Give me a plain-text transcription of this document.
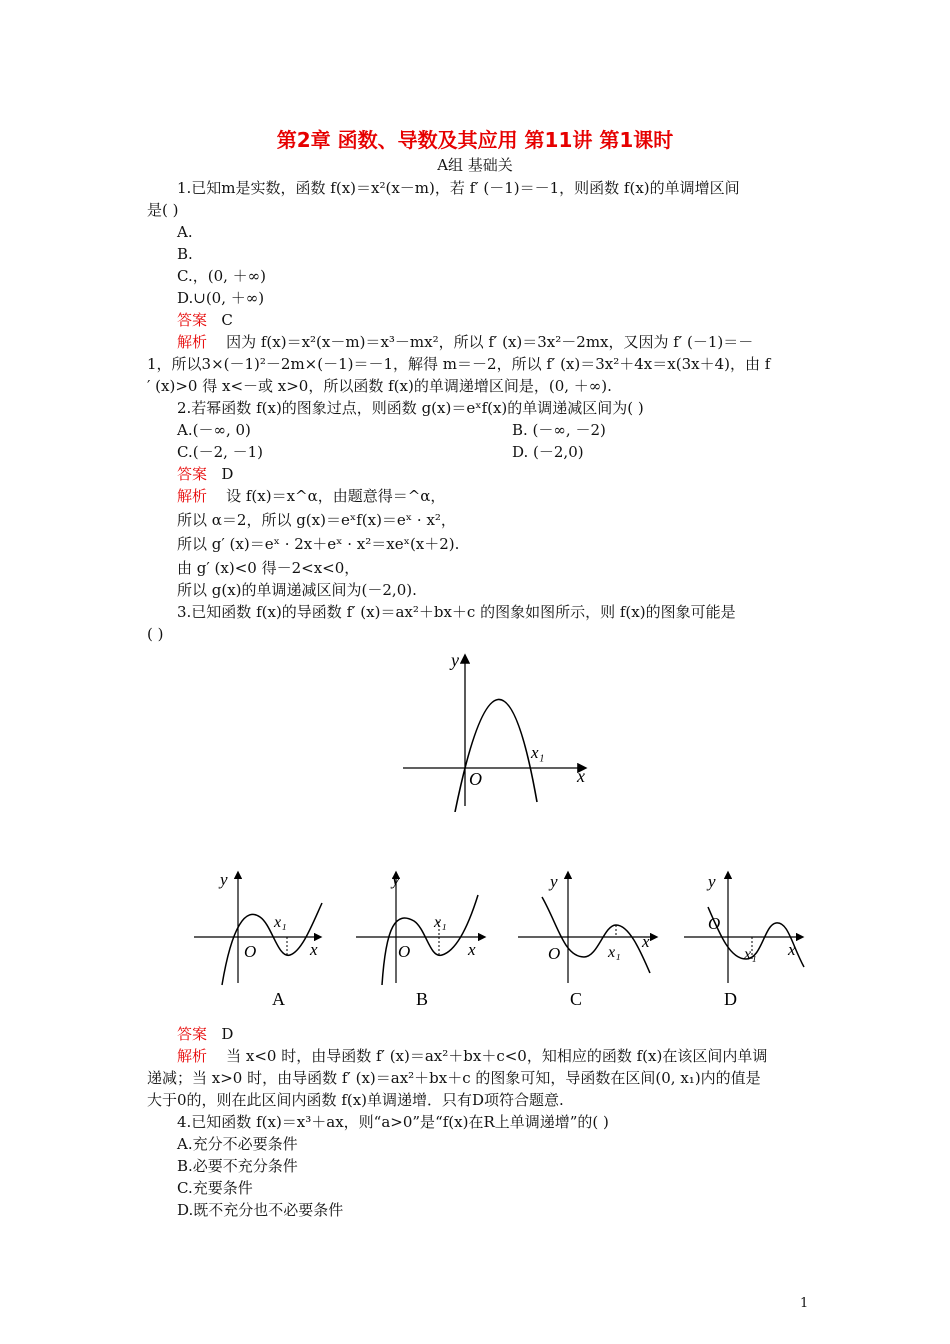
第2章 函数、导数及其应用 第11讲 第1课时
A组 基础关
1.已知m是实数，函数 f(x)＝x²(x－m)，若 f′ (－1)＝－1，则函数 f(x)的单调增区间
是( )
A.
B.
C.，(0, ＋∞)
D.∪(0, ＋∞)
答案 C
解析 因为 f(x)＝x²(x－m)＝x³－mx²，所以 f′ (x)＝3x²－2mx，又因为 f′ (－1)＝－
1，所以3×(－1)²－2m×(－1)＝－1，解得 m＝－2，所以 f′ (x)＝3x²＋4x＝x(3x＋4)，由 f
′ (x)>0 得 x<－或 x>0，所以函数 f(x)的单调递增区间是，(0, ＋∞).
2.若幂函数 f(x)的图象过点，则函数 g(x)＝eˣf(x)的单调递减区间为( )
A.(－∞, 0)	B. (－∞, －2)
C.(－2, －1)	D. (－2,0)
答案 D
解析 设 f(x)＝x^α，由题意得＝^α，
所以 α＝2，所以 g(x)＝eˣf(x)＝eˣ · x²，
所以 g′ (x)＝eˣ · 2x＋eˣ · x²＝xeˣ(x＋2).
由 g′ (x)<0 得－2<x<0，
所以 g(x)的单调递减区间为(－2,0).
3.已知函数 f(x)的导函数 f′ (x)＝ax²＋bx＋c 的图象如图所示，则 f(x)的图象可能是
( )
y
x
O
x₁
y
x
O
x₁
A
y
x
O
x₁
B
y
x
O	x₁
C
y
x
O
x₁
D
答案 D
解析 当 x<0 时，由导函数 f′ (x)＝ax²＋bx＋c<0，知相应的函数 f(x)在该区间内单调
递减；当 x>0 时，由导函数 f′ (x)＝ax²＋bx＋c 的图象可知，导函数在区间(0, x₁)内的值是
大于0的，则在此区间内函数 f(x)单调递增．只有D项符合题意.
4.已知函数 f(x)＝x³＋ax，则“a>0”是“f(x)在R上单调递增”的( )
A.充分不必要条件
B.必要不充分条件
C.充要条件
D.既不充分也不必要条件
1
